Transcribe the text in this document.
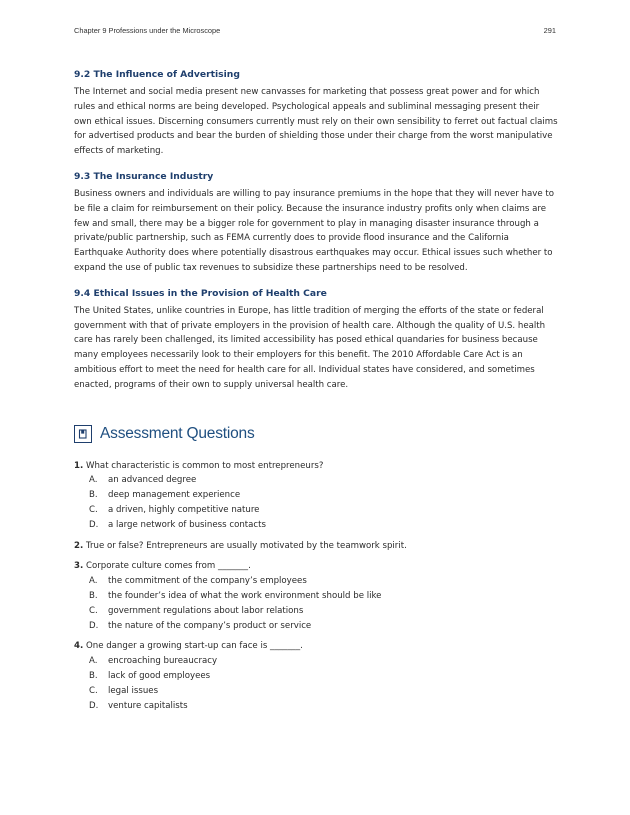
Chapter 9 Professions under the Microscope	291
9.2 The Influence of Advertising

The Internet and social media present new canvasses for marketing that possess great power and for which rules and ethical norms are being developed. Psychological appeals and subliminal messaging present their own ethical issues. Discerning consumers currently must rely on their own sensibility to ferret out factual claims for advertised products and bear the burden of shielding those under their charge from the worst manipulative effects of marketing.

9.3 The Insurance Industry

Business owners and individuals are willing to pay insurance premiums in the hope that they will never have to be file a claim for reimbursement on their policy. Because the insurance industry profits only when claims are few and small, there may be a bigger role for government to play in managing disaster insurance through a private/public partnership, such as FEMA currently does to provide flood insurance and the California Earthquake Authority does where potentially disastrous earthquakes may occur. Ethical issues such whether to expand the use of public tax revenues to subsidize these partnerships need to be resolved.

9.4 Ethical Issues in the Provision of Health Care

The United States, unlike countries in Europe, has little tradition of merging the efforts of the state or federal government with that of private employers in the provision of health care. Although the quality of U.S. health care has rarely been challenged, its limited accessibility has posed ethical quandaries for business because many employees necessarily look to their employers for this benefit. The 2010 Affordable Care Act is an ambitious effort to meet the need for health care for all. Individual states have considered, and sometimes enacted, programs of their own to supply universal health care.

Assessment Questions
1. What characteristic is common to most entrepreneurs?
A.	an advanced degree
B.	deep management experience
C.	a driven, highly competitive nature
D.	a large network of business contacts
2. True or false? Entrepreneurs are usually motivated by the teamwork spirit.
3. Corporate culture comes from _______.
A.	the commitment of the company’s employees
B.	the founder’s idea of what the work environment should be like
C.	government regulations about labor relations
D.	the nature of the company’s product or service
4. One danger a growing start-up can face is _______.
A.	encroaching bureaucracy
B.	lack of good employees
C.	legal issues
D.	venture capitalists
